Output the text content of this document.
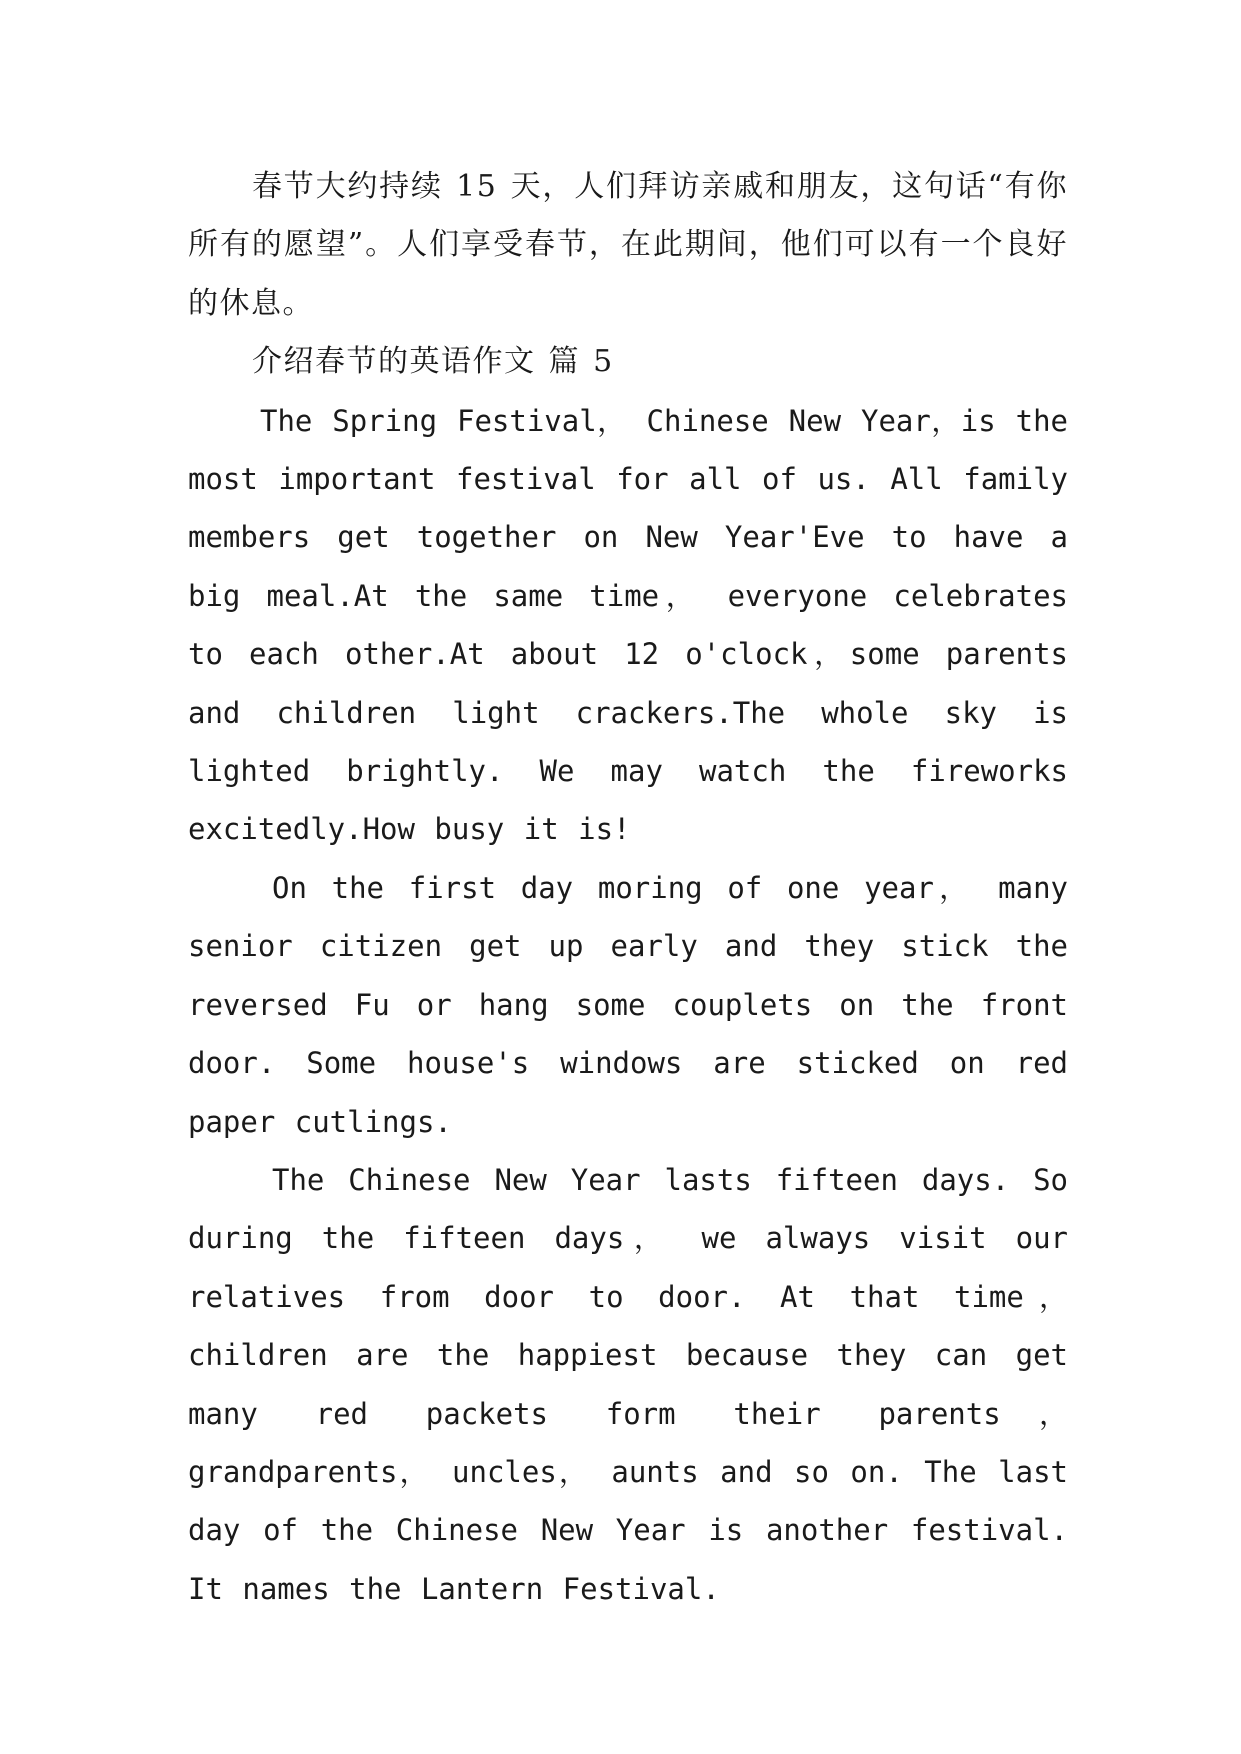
春节大约持续 15 天，人们拜访亲戚和朋友，这句话“有你所有的愿望”。人们享受春节，在此期间，他们可以有一个良好的休息。

介绍春节的英语作文 篇 5

The Spring Festival， Chinese New Year，is the most important festival for all of us. All family members get together on New Year'Eve to have a big meal.At the same time， everyone celebrates to each other.At about 12 o'clock，some parents and children light crackers.The whole sky is lighted brightly. We may watch the fireworks excitedly.How busy it is!

On the first day moring of one year， many senior citizen get up early and they stick the reversed Fu or hang some couplets on the front door. Some house's windows are sticked on red paper cutlings.

The Chinese New Year lasts fifteen days. So during the fifteen days， we always visit our relatives from door to door. At that time， children are the happiest because they can get many red packets form their parents， grandparents， uncles， aunts and so on. The last day of the Chinese New Year is another festival. It names the Lantern Festival.
